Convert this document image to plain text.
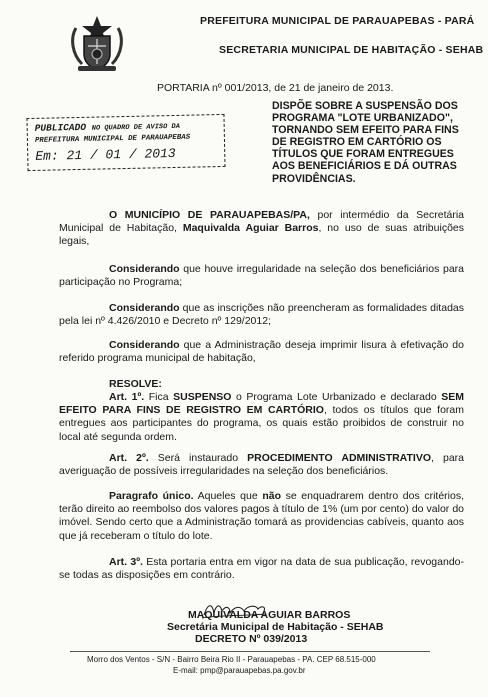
PREFEITURA MUNICIPAL DE PARAUAPEBAS - PARÁ
SECRETARIA MUNICIPAL DE HABITAÇÃO - SEHAB
PORTARIA nº 001/2013, de 21 de janeiro de 2013.
PUBLICADO NO QUADRO DE AVISO DA
PREFEITURA MUNICIPAL DE PARAUAPEBAS
Em: 21 / 01 / 2013
DISPÕE SOBRE A SUSPENSÃO DOS
PROGRAMA "LOTE URBANIZADO",
TORNANDO SEM EFEITO PARA FINS
DE REGISTRO EM CARTÓRIO OS
TÍTULOS QUE FORAM ENTREGUES
AOS BENEFICIÁRIOS E DÁ OUTRAS
PROVIDÊNCIAS.
O MUNICÍPIO DE PARAUAPEBAS/PA, por intermédio da Secretária Municipal de Habitação, Maquivalda Aguiar Barros, no uso de suas atribuições legais,
Considerando que houve irregularidade na seleção dos beneficiários para participação no Programa;
Considerando que as inscrições não preencheram as formalidades ditadas pela lei nº 4.426/2010 e Decreto nº 129/2012;
Considerando que a Administração deseja imprimir lisura à efetivação do referido programa municipal de habitação,
RESOLVE:
Art. 1º. Fica SUSPENSO o Programa Lote Urbanizado e declarado SEM EFEITO PARA FINS DE REGISTRO EM CARTÓRIO, todos os títulos que foram entregues aos participantes do programa, os quais estão proibidos de construir no local até segunda ordem.
Art. 2º. Será instaurado PROCEDIMENTO ADMINISTRATIVO, para averiguação de possíveis irregularidades na seleção dos beneficiários.
Paragrafo único. Aqueles que não se enquadrarem dentro dos critérios, terão direito ao reembolso dos valores pagos à título de 1% (um por cento) do valor do imóvel. Sendo certo que a Administração tomará as providencias cabíveis, quanto aos que já receberam o título do lote.
Art. 3º. Esta portaria entra em vigor na data de sua publicação, revogando-se todas as disposições em contrário.
MAQUIVALDA AGUIAR BARROS
Secretária Municipal de Habitação - SEHAB
DECRETO Nº 039/2013
Morro dos Ventos - S/N - Bairro Beira Rio II - Parauapebas - PA. CEP 68.515-000
E-mail: pmp@parauapebas.pa.gov.br
